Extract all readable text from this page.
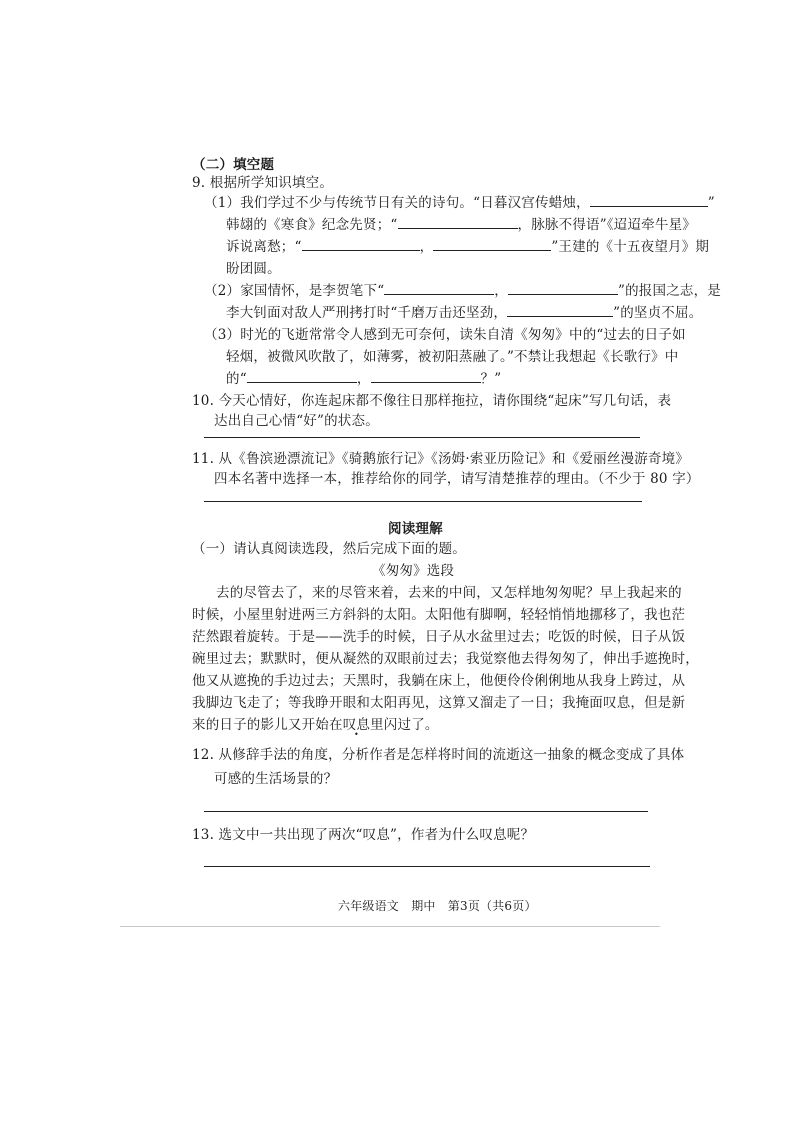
（二）填空题
9. 根据所学知识填空。
（1）我们学过不少与传统节日有关的诗句。“日暮汉宫传蜡烛，	”
韩翃的《寒食》纪念先贤；“	，脉脉不得语”《迢迢牵牛星》
诉说离愁；“	，	”王建的《十五夜望月》期
盼团圆。
（2）家国情怀，是李贺笔下“	，	”的报国之志，是
李大钊面对敌人严刑拷打时“千磨万击还坚劲，	”的坚贞不屈。
（3）时光的飞逝常常令人感到无可奈何，读朱自清《匆匆》中的“过去的日子如
轻烟，被微风吹散了，如薄雾，被初阳蒸融了。”不禁让我想起《长歌行》中
的“	，	？”
10. 今天心情好，你连起床都不像往日那样拖拉，请你围绕“起床”写几句话，表
达出自己心情“好”的状态。
11. 从《鲁滨逊漂流记》《骑鹅旅行记》《汤姆·索亚历险记》和《爱丽丝漫游奇境》
四本名著中选择一本，推荐给你的同学，请写清楚推荐的理由。（不少于 80 字）
阅读理解
（一）请认真阅读选段，然后完成下面的题。
《匆匆》选段
去的尽管去了，来的尽管来着，去来的中间，又怎样地匆匆呢？早上我起来的
时候，小屋里射进两三方斜斜的太阳。太阳他有脚啊，轻轻悄悄地挪移了，我也茫
茫然跟着旋转。于是——洗手的时候，日子从水盆里过去；吃饭的时候，日子从饭
碗里过去；默默时，便从凝然的双眼前过去；我觉察他去得匆匆了，伸出手遮挽时，
他又从遮挽的手边过去；天黑时，我躺在床上，他便伶伶俐俐地从我身上跨过，从
我脚边飞走了；等我睁开眼和太阳再见，这算又溜走了一日；我掩面叹息，但是新
来的日子的影儿又开始在叹息里闪过了。
12. 从修辞手法的角度，分析作者是怎样将时间的流逝这一抽象的概念变成了具体
可感的生活场景的？
13. 选文中一共出现了两次“叹息”，作者为什么叹息呢？
六年级语文　期中　第3页（共6页）
